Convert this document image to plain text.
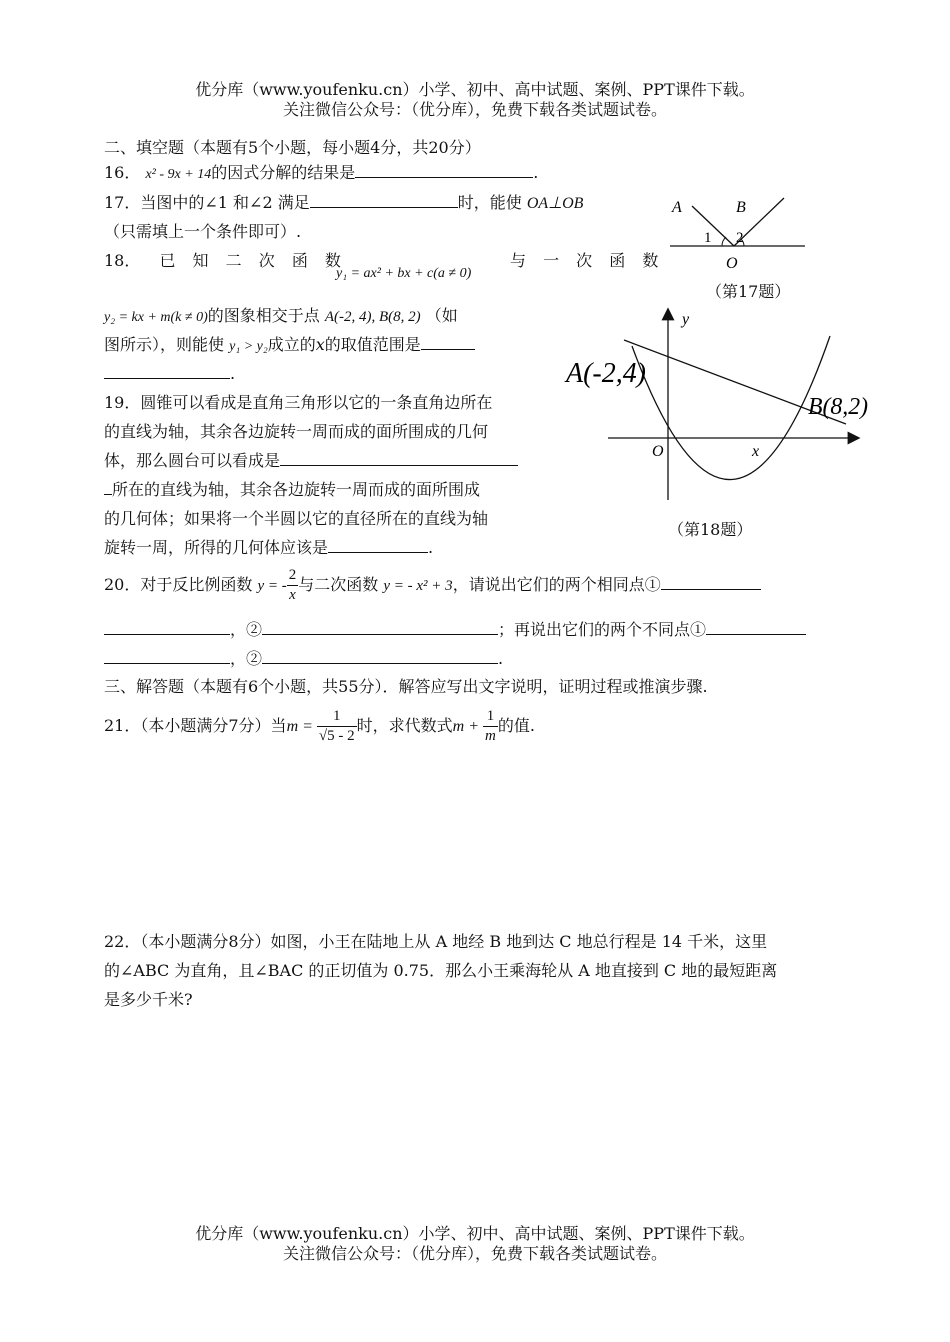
优分库（www.youfenku.cn）小学、初中、高中试题、案例、PPT课件下载。
关注微信公众号：（优分库），免费下载各类试题试卷。
二、填空题（本题有5个小题，每小题4分，共20分）
16． x² - 9x + 14的因式分解的结果是	.
17．当图中的∠1 和∠2 满足	时，能使 OA⊥OB
（只需填上一个条件即可）.
18． 已 知 二 次 函 数
y₁ = ax² + bx + c(a ≠ 0)
与 一 次 函 数
y₂ = kx + m(k ≠ 0)的图象相交于点 A(-2, 4), B(8, 2) （如
图所示），则能使 y₁ > y₂成立的x的取值范围是
.
19．圆锥可以看成是直角三角形以它的一条直角边所在
的直线为轴，其余各边旋转一周而成的面所围成的几何
体，那么圆台可以看成是
所在的直线为轴，其余各边旋转一周而成的面所围成
的几何体；如果将一个半圆以它的直径所在的直线为轴
旋转一周，所得的几何体应该是	.
20．对于反比例函数 y = - $\frac{2}{x}$ 与二次函数 y = - x² + 3，请说出它们的两个相同点①
，②	；再说出它们的两个不同点①
，②	.
三、解答题（本题有6个小题，共55分）．解答应写出文字说明，证明过程或推演步骤.
21．（本小题满分7分）当$m = \frac{1}{√5 - 2}$ 时，求代数式$m + \frac{1}{m}$ 的值.
22．（本小题满分8分）如图，小王在陆地上从 A 地经 B 地到达 C 地总行程是 14 千米，这里
的∠ABC 为直角，且∠BAC 的正切值为 0.75．那么小王乘海轮从 A 地直接到 C 地的最短距离
是多少千米?
A	B
1 2
O
（第17题）
y
x
O
A(-2,4)
B(8,2)
（第18题）
优分库（www.youfenku.cn）小学、初中、高中试题、案例、PPT课件下载。
关注微信公众号：（优分库），免费下载各类试题试卷。
